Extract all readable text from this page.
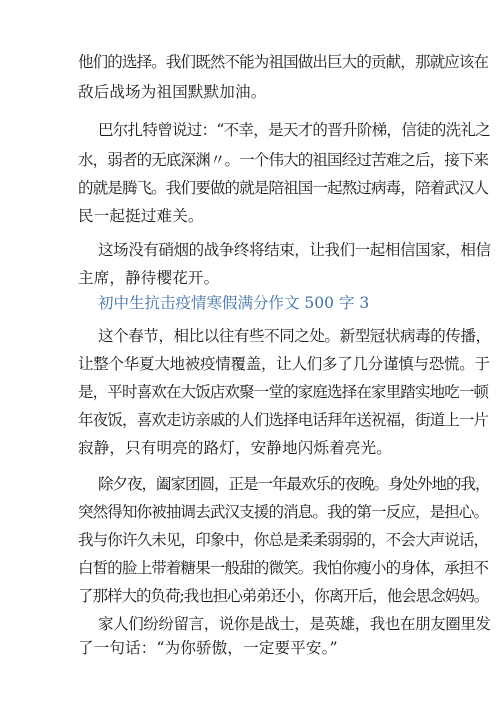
他们的选择。我们既然不能为祖国做出巨大的贡献，那就应该在
敌后战场为祖国默默加油。
巴尔扎特曾说过：“不幸，是天才的晋升阶梯，信徒的洗礼之
水，弱者的无底深渊〃。一个伟大的祖国经过苦难之后，接下来
的就是腾飞。我们要做的就是陪祖国一起熬过病毒，陪着武汉人
民一起挺过难关。
这场没有硝烟的战争终将结束，让我们一起相信国家，相信
主席，静待樱花开。
初中生抗击疫情寒假满分作文 500 字 3
这个春节，相比以往有些不同之处。新型冠状病毒的传播，
让整个华夏大地被疫情覆盖，让人们多了几分谨慎与恐慌。于
是，平时喜欢在大饭店欢聚一堂的家庭选择在家里踏实地吃一顿
年夜饭，喜欢走访亲戚的人们选择电话拜年送祝福，街道上一片
寂静，只有明亮的路灯，安静地闪烁着亮光。
除夕夜，阖家团圆，正是一年最欢乐的夜晚。身处外地的我，
突然得知你被抽调去武汉支援的消息。我的第一反应，是担心。
我与你许久未见，印象中，你总是柔柔弱弱的，不会大声说话，
白皙的脸上带着糖果一般甜的微笑。我怕你瘦小的身体，承担不
了那样大的负荷;我也担心弟弟还小，你离开后，他会思念妈妈。
家人们纷纷留言，说你是战士，是英雄，我也在朋友圈里发
了一句话：“为你骄傲，一定要平安。”
